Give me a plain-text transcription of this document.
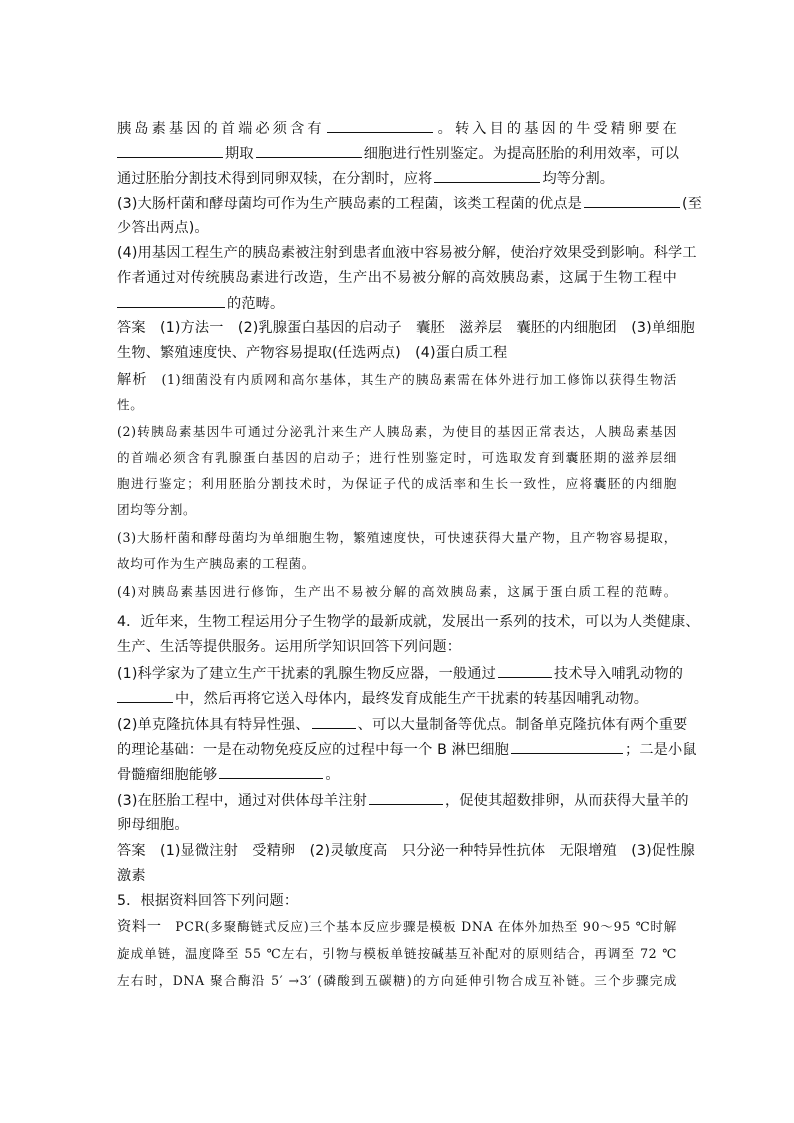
胰岛素基因的首端必须含有	。转入目的基因的牛受精卵要在
期取	细胞进行性别鉴定。为提高胚胎的利用效率，可以
通过胚胎分割技术得到同卵双犊，在分割时，应将	均等分割。
(3)大肠杆菌和酵母菌均可作为生产胰岛素的工程菌，该类工程菌的优点是	(至
少答出两点)。
(4)用基因工程生产的胰岛素被注射到患者血液中容易被分解，使治疗效果受到影响。科学工
作者通过对传统胰岛素进行改造，生产出不易被分解的高效胰岛素，这属于生物工程中
的范畴。
答案　(1)方法一　(2)乳腺蛋白基因的启动子　囊胚　滋养层　囊胚的内细胞团　(3)单细胞
生物、繁殖速度快、产物容易提取(任选两点)　(4)蛋白质工程
解析　 (1)细菌没有内质网和高尔基体，其生产的胰岛素需在体外进行加工修饰以获得生物活
性。
(2)转胰岛素基因牛可通过分泌乳汁来生产人胰岛素，为使目的基因正常表达，人胰岛素基因
的首端必须含有乳腺蛋白基因的启动子；进行性别鉴定时，可选取发育到囊胚期的滋养层细
胞进行鉴定；利用胚胎分割技术时，为保证子代的成活率和生长一致性，应将囊胚的内细胞
团均等分割。
(3)大肠杆菌和酵母菌均为单细胞生物，繁殖速度快，可快速获得大量产物，且产物容易提取，
故均可作为生产胰岛素的工程菌。
(4)对胰岛素基因进行修饰，生产出不易被分解的高效胰岛素，这属于蛋白质工程的范畴。
4．近年来，生物工程运用分子生物学的最新成就，发展出一系列的技术，可以为人类健康、
生产、生活等提供服务。运用所学知识回答下列问题：
(1)科学家为了建立生产干扰素的乳腺生物反应器，一般通过	技术导入哺乳动物的
中，然后再将它送入母体内，最终发育成能生产干扰素的转基因哺乳动物。
(2)单克隆抗体具有特异性强、	、可以大量制备等优点。制备单克隆抗体有两个重要
的理论基础：一是在动物免疫反应的过程中每一个 B 淋巴细胞	；二是小鼠
骨髓瘤细胞能够	。
(3)在胚胎工程中，通过对供体母羊注射	，促使其超数排卵，从而获得大量羊的
卵母细胞。
答案　(1)显微注射　受精卵　(2)灵敏度高　只分泌一种特异性抗体　无限增殖　(3)促性腺
激素
5．根据资料回答下列问题：
资料一　 PCR(多聚酶链式反应)三个基本反应步骤是模板 DNA 在体外加热至 90～95 ℃时解
旋成单链，温度降至 55 ℃左右，引物与模板单链按碱基互补配对的原则结合，再调至 72 ℃
左右时，DNA 聚合酶沿 5′ →3′ (磷酸到五碳糖)的方向延伸引物合成互补链。三个步骤完成
